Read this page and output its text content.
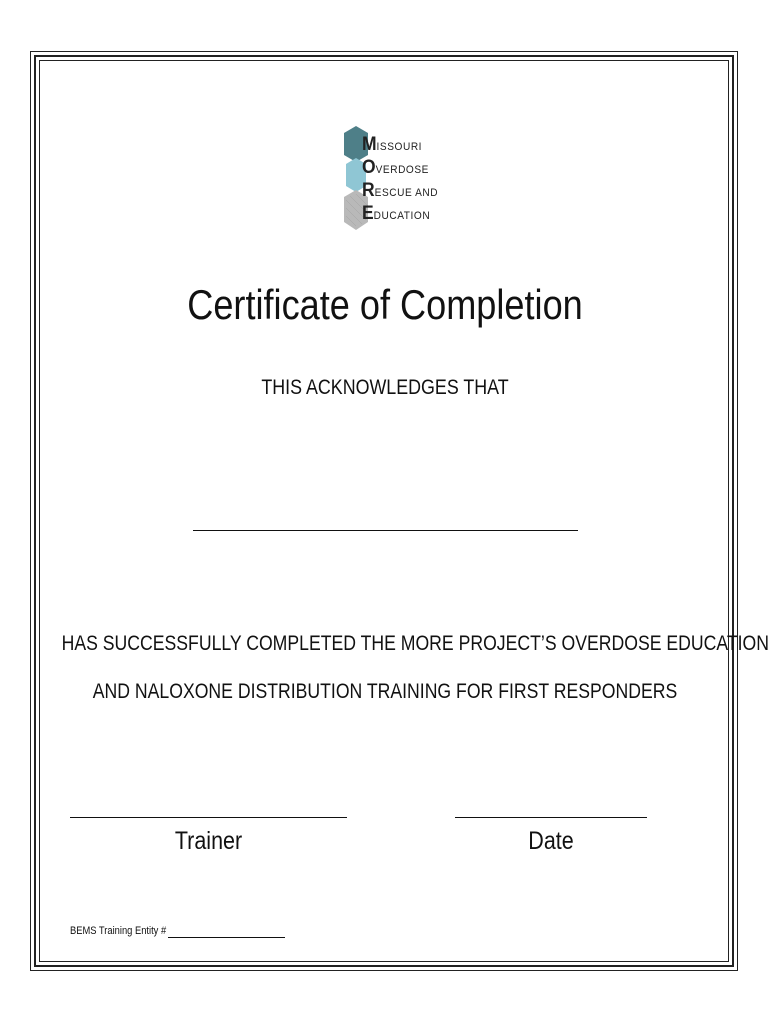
MISSOURI
OVERDOSE
RESCUE AND
EDUCATION
Certificate of Completion
THIS ACKNOWLEDGES THAT
HAS SUCCESSFULLY COMPLETED THE MORE PROJECT’S OVERDOSE EDUCATION
AND NALOXONE DISTRIBUTION TRAINING FOR FIRST RESPONDERS
Trainer	Date
BEMS Training Entity #
